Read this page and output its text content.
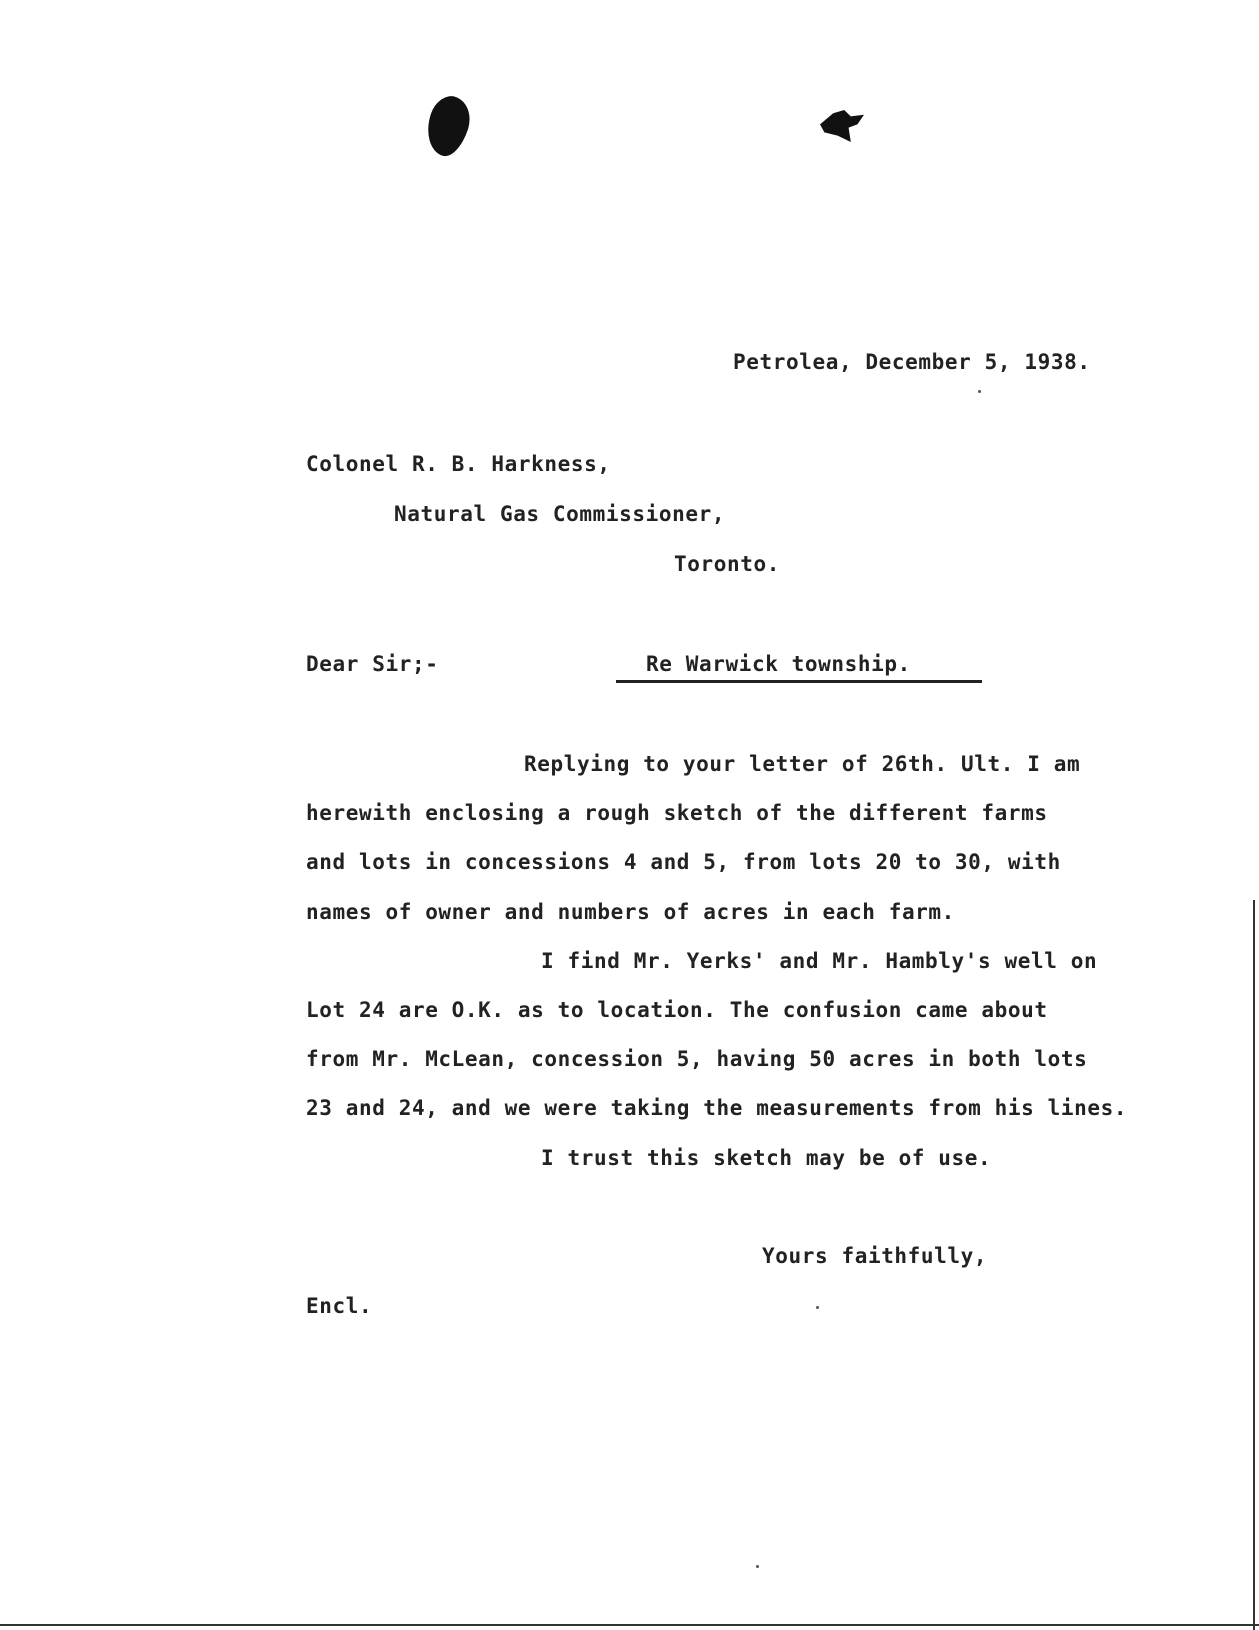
Petrolea, December 5, 1938.
Colonel R. B. Harkness,
Natural Gas Commissioner,
Toronto.
Dear Sir;-	Re Warwick township.
Replying to your letter of 26th. Ult. I am
herewith enclosing a rough sketch of the different farms
and lots in concessions 4 and 5, from lots 20 to 30, with
names of owner and numbers of acres in each farm.
I find Mr. Yerks' and Mr. Hambly's well on
Lot 24 are O.K. as to location. The confusion came about
from Mr. McLean, concession 5, having 50 acres in both lots
23 and 24, and we were taking the measurements from his lines.
I trust this sketch may be of use.
Yours faithfully,
Encl.
